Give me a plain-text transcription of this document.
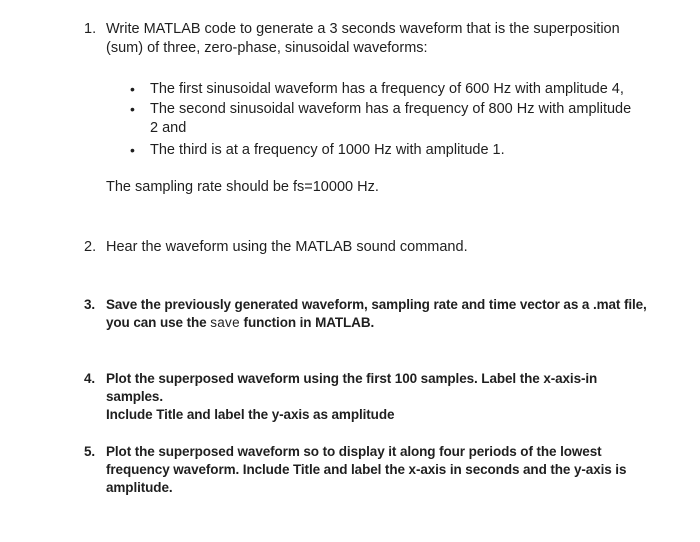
1. Write MATLAB code to generate a 3 seconds waveform that is the superposition
(sum) of three, zero-phase, sinusoidal waveforms:
• The first sinusoidal waveform has a frequency of 600 Hz with amplitude 4,
• The second sinusoidal waveform has a frequency of 800 Hz with amplitude
2 and
• The third is at a frequency of 1000 Hz with amplitude 1.
The sampling rate should be fs=10000 Hz.
2. Hear the waveform using the MATLAB sound command.
3. Save the previously generated waveform, sampling rate and time vector as a .mat file,
you can use the save function in MATLAB.
4. Plot the superposed waveform using the first 100 samples. Label the x-axis-in samples.
Include Title and label the y-axis as amplitude
5. Plot the superposed waveform so to display it along four periods of the lowest
frequency waveform. Include Title and label the x-axis in seconds and the y-axis is
amplitude.
